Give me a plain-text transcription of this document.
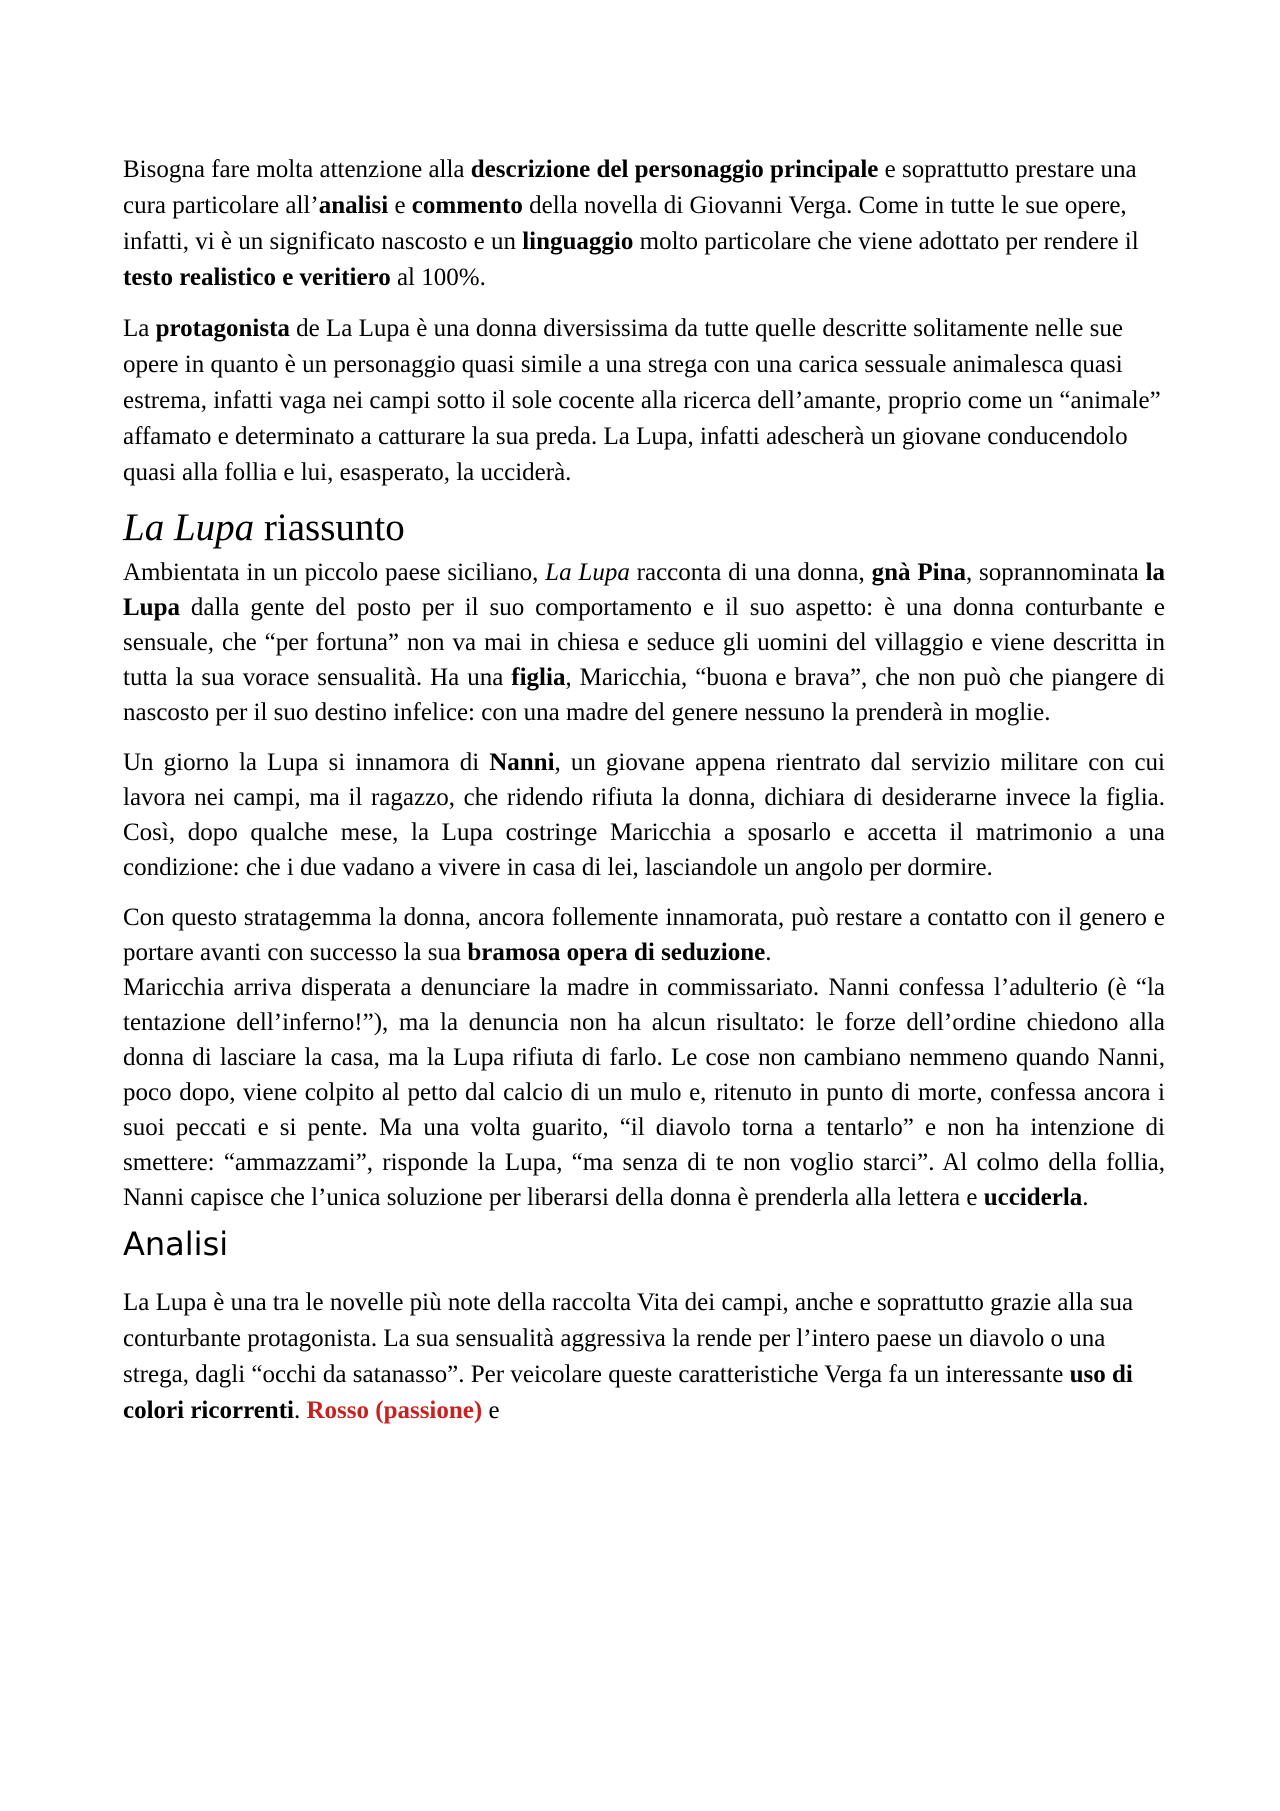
Bisogna fare molta attenzione alla descrizione del personaggio principale e soprattutto prestare una cura particolare all’analisi e commento della novella di Giovanni Verga. Come in tutte le sue opere, infatti, vi è un significato nascosto e un linguaggio molto particolare che viene adottato per rendere il testo realistico e veritiero al 100%.

La protagonista de La Lupa è una donna diversissima da tutte quelle descritte solitamente nelle sue opere in quanto è un personaggio quasi simile a una strega con una carica sessuale animalesca quasi estrema, infatti vaga nei campi sotto il sole cocente alla ricerca dell’amante, proprio come un “animale” affamato e determinato a catturare la sua preda. La Lupa, infatti adescherà un giovane conducendolo quasi alla follia e lui, esasperato, la ucciderà.

La Lupa riassunto

Ambientata in un piccolo paese siciliano, La Lupa racconta di una donna, gnà Pina, soprannominata la Lupa dalla gente del posto per il suo comportamento e il suo aspetto: è una donna conturbante e sensuale, che “per fortuna” non va mai in chiesa e seduce gli uomini del villaggio e viene descritta in tutta la sua vorace sensualità. Ha una figlia, Maricchia, “buona e brava”, che non può che piangere di nascosto per il suo destino infelice: con una madre del genere nessuno la prenderà in moglie.

Un giorno la Lupa si innamora di Nanni, un giovane appena rientrato dal servizio militare con cui lavora nei campi, ma il ragazzo, che ridendo rifiuta la donna, dichiara di desiderarne invece la figlia. Così, dopo qualche mese, la Lupa costringe Maricchia a sposarlo e accetta il matrimonio a una condizione: che i due vadano a vivere in casa di lei, lasciandole un angolo per dormire.

Con questo stratagemma la donna, ancora follemente innamorata, può restare a contatto con il genero e portare avanti con successo la sua bramosa opera di seduzione.

Maricchia arriva disperata a denunciare la madre in commissariato. Nanni confessa l’adulterio (è “la tentazione dell’inferno!”), ma la denuncia non ha alcun risultato: le forze dell’ordine chiedono alla donna di lasciare la casa, ma la Lupa rifiuta di farlo. Le cose non cambiano nemmeno quando Nanni, poco dopo, viene colpito al petto dal calcio di un mulo e, ritenuto in punto di morte, confessa ancora i suoi peccati e si pente. Ma una volta guarito, “il diavolo torna a tentarlo” e non ha intenzione di smettere: “ammazzami”, risponde la Lupa, “ma senza di te non voglio starci”. Al colmo della follia, Nanni capisce che l’unica soluzione per liberarsi della donna è prenderla alla lettera e ucciderla.

Analisi

La Lupa è una tra le novelle più note della raccolta Vita dei campi, anche e soprattutto grazie alla sua conturbante protagonista. La sua sensualità aggressiva la rende per l’intero paese un diavolo o una strega, dagli “occhi da satanasso”. Per veicolare queste caratteristiche Verga fa un interessante uso di colori ricorrenti. Rosso (passione) e
